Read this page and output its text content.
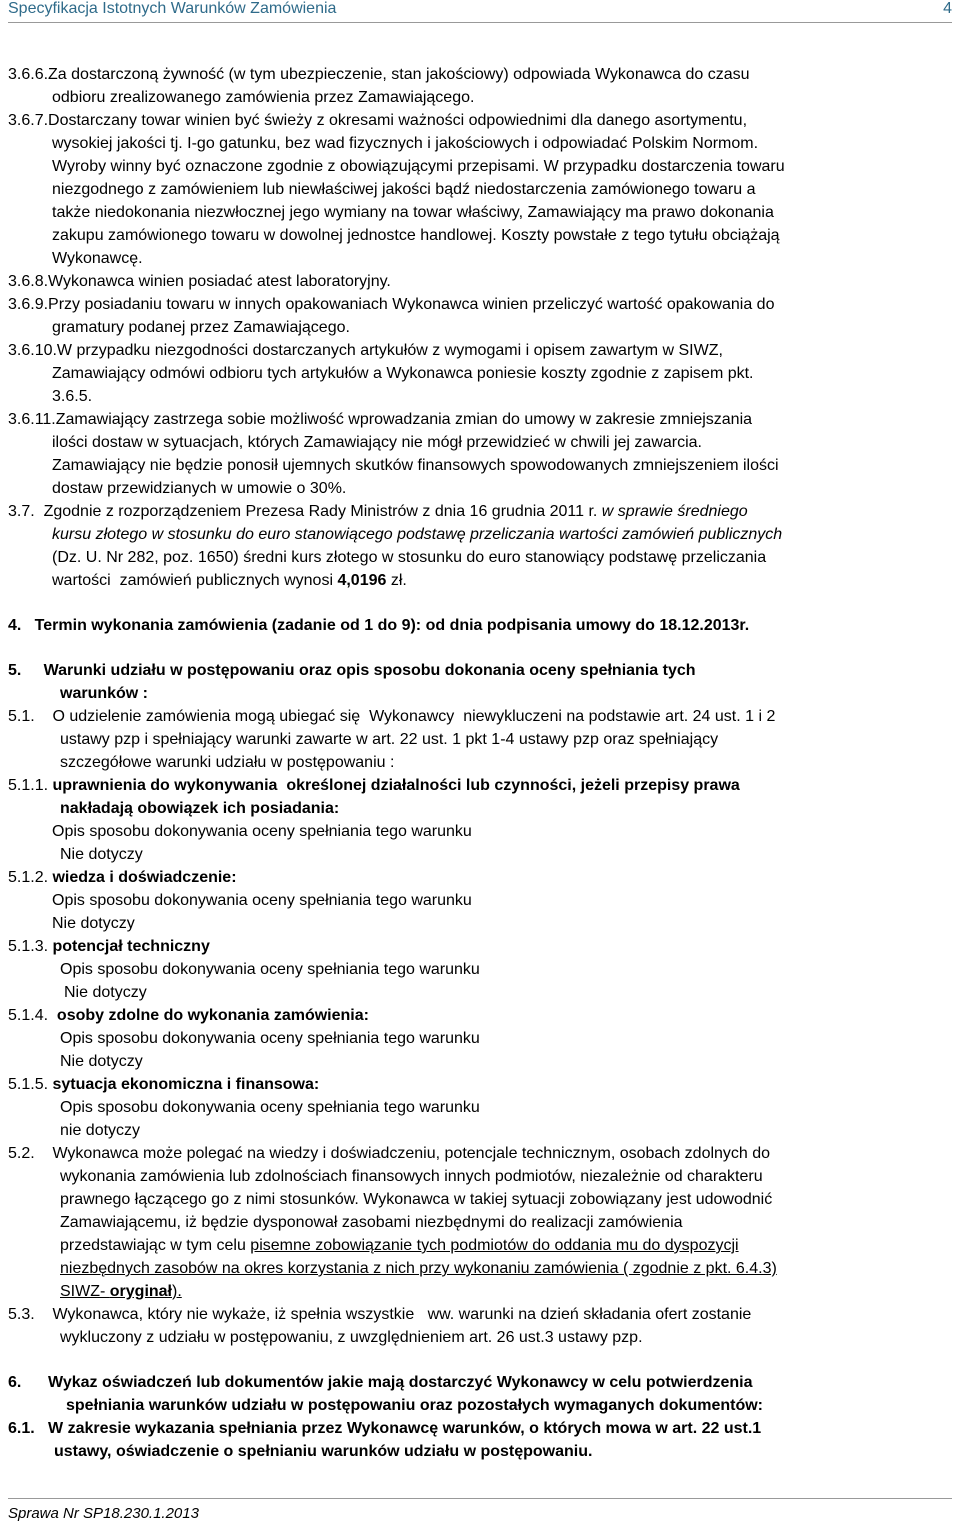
Specyfikacja Istotnych Warunków Zamówienia	4
3.6.6.Za dostarczoną żywność (w tym ubezpieczenie, stan jakościowy) odpowiada Wykonawca do czasu
odbioru zrealizowanego zamówienia przez Zamawiającego.
3.6.7.Dostarczany towar winien być świeży z okresami ważności odpowiednimi dla danego asortymentu,
wysokiej jakości tj. I-go gatunku, bez wad fizycznych i jakościowych i odpowiadać Polskim Normom.
Wyroby winny być oznaczone zgodnie z obowiązującymi przepisami. W przypadku dostarczenia towaru
niezgodnego z zamówieniem lub niewłaściwej jakości bądź niedostarczenia zamówionego towaru a
także niedokonania niezwłocznej jego wymiany na towar właściwy, Zamawiający ma prawo dokonania
zakupu zamówionego towaru w dowolnej jednostce handlowej. Koszty powstałe z tego tytułu obciążają
Wykonawcę.
3.6.8.Wykonawca winien posiadać atest laboratoryjny.
3.6.9.Przy posiadaniu towaru w innych opakowaniach Wykonawca winien przeliczyć wartość opakowania do
gramatury podanej przez Zamawiającego.
3.6.10.W przypadku niezgodności dostarczanych artykułów z wymogami i opisem zawartym w SIWZ,
Zamawiający odmówi odbioru tych artykułów a Wykonawca poniesie koszty zgodnie z zapisem pkt.
3.6.5.
3.6.11.Zamawiający zastrzega sobie możliwość wprowadzania zmian do umowy w zakresie zmniejszania
ilości dostaw w sytuacjach, których Zamawiający nie mógł przewidzieć w chwili jej zawarcia.
Zamawiający nie będzie ponosił ujemnych skutków finansowych spowodowanych zmniejszeniem ilości
dostaw przewidzianych w umowie o 30%.
3.7.  Zgodnie z rozporządzeniem Prezesa Rady Ministrów z dnia 16 grudnia 2011 r. w sprawie średniego
kursu złotego w stosunku do euro stanowiącego podstawę przeliczania wartości zamówień publicznych
(Dz. U. Nr 282, poz. 1650) średni kurs złotego w stosunku do euro stanowiący podstawę przeliczania
wartości  zamówień publicznych wynosi 4,0196 zł.
4.   Termin wykonania zamówienia (zadanie od 1 do 9): od dnia podpisania umowy do 18.12.2013r.
5.     Warunki udziału w postępowaniu oraz opis sposobu dokonania oceny spełniania tych
warunków :
5.1.    O udzielenie zamówienia mogą ubiegać się  Wykonawcy  niewykluczeni na podstawie art. 24 ust. 1 i 2
ustawy pzp i spełniający warunki zawarte w art. 22 ust. 1 pkt 1-4 ustawy pzp oraz spełniający
szczegółowe warunki udziału w postępowaniu :
5.1.1. uprawnienia do wykonywania  określonej działalności lub czynności, jeżeli przepisy prawa
nakładają obowiązek ich posiadania:
Opis sposobu dokonywania oceny spełniania tego warunku
Nie dotyczy
5.1.2. wiedza i doświadczenie:
Opis sposobu dokonywania oceny spełniania tego warunku
Nie dotyczy
5.1.3. potencjał techniczny
Opis sposobu dokonywania oceny spełniania tego warunku
Nie dotyczy
5.1.4.  osoby zdolne do wykonania zamówienia:
Opis sposobu dokonywania oceny spełniania tego warunku
Nie dotyczy
5.1.5. sytuacja ekonomiczna i finansowa:
Opis sposobu dokonywania oceny spełniania tego warunku
nie dotyczy
5.2.    Wykonawca może polegać na wiedzy i doświadczeniu, potencjale technicznym, osobach zdolnych do
wykonania zamówienia lub zdolnościach finansowych innych podmiotów, niezależnie od charakteru
prawnego łączącego go z nimi stosunków. Wykonawca w takiej sytuacji zobowiązany jest udowodnić
Zamawiającemu, iż będzie dysponował zasobami niezbędnymi do realizacji zamówienia
przedstawiając w tym celu pisemne zobowiązanie tych podmiotów do oddania mu do dyspozycji
niezbędnych zasobów na okres korzystania z nich przy wykonaniu zamówienia ( zgodnie z pkt. 6.4.3)
SIWZ- oryginał).
5.3.    Wykonawca, który nie wykaże, iż spełnia wszystkie   ww. warunki na dzień składania ofert zostanie
wykluczony z udziału w postępowaniu, z uwzględnieniem art. 26 ust.3 ustawy pzp.
6.      Wykaz oświadczeń lub dokumentów jakie mają dostarczyć Wykonawcy w celu potwierdzenia
spełniania warunków udziału w postępowaniu oraz pozostałych wymaganych dokumentów:
6.1.   W zakresie wykazania spełniania przez Wykonawcę warunków, o których mowa w art. 22 ust.1
ustawy, oświadczenie o spełnianiu warunków udziału w postępowaniu.
Sprawa Nr SP18.230.1.2013
